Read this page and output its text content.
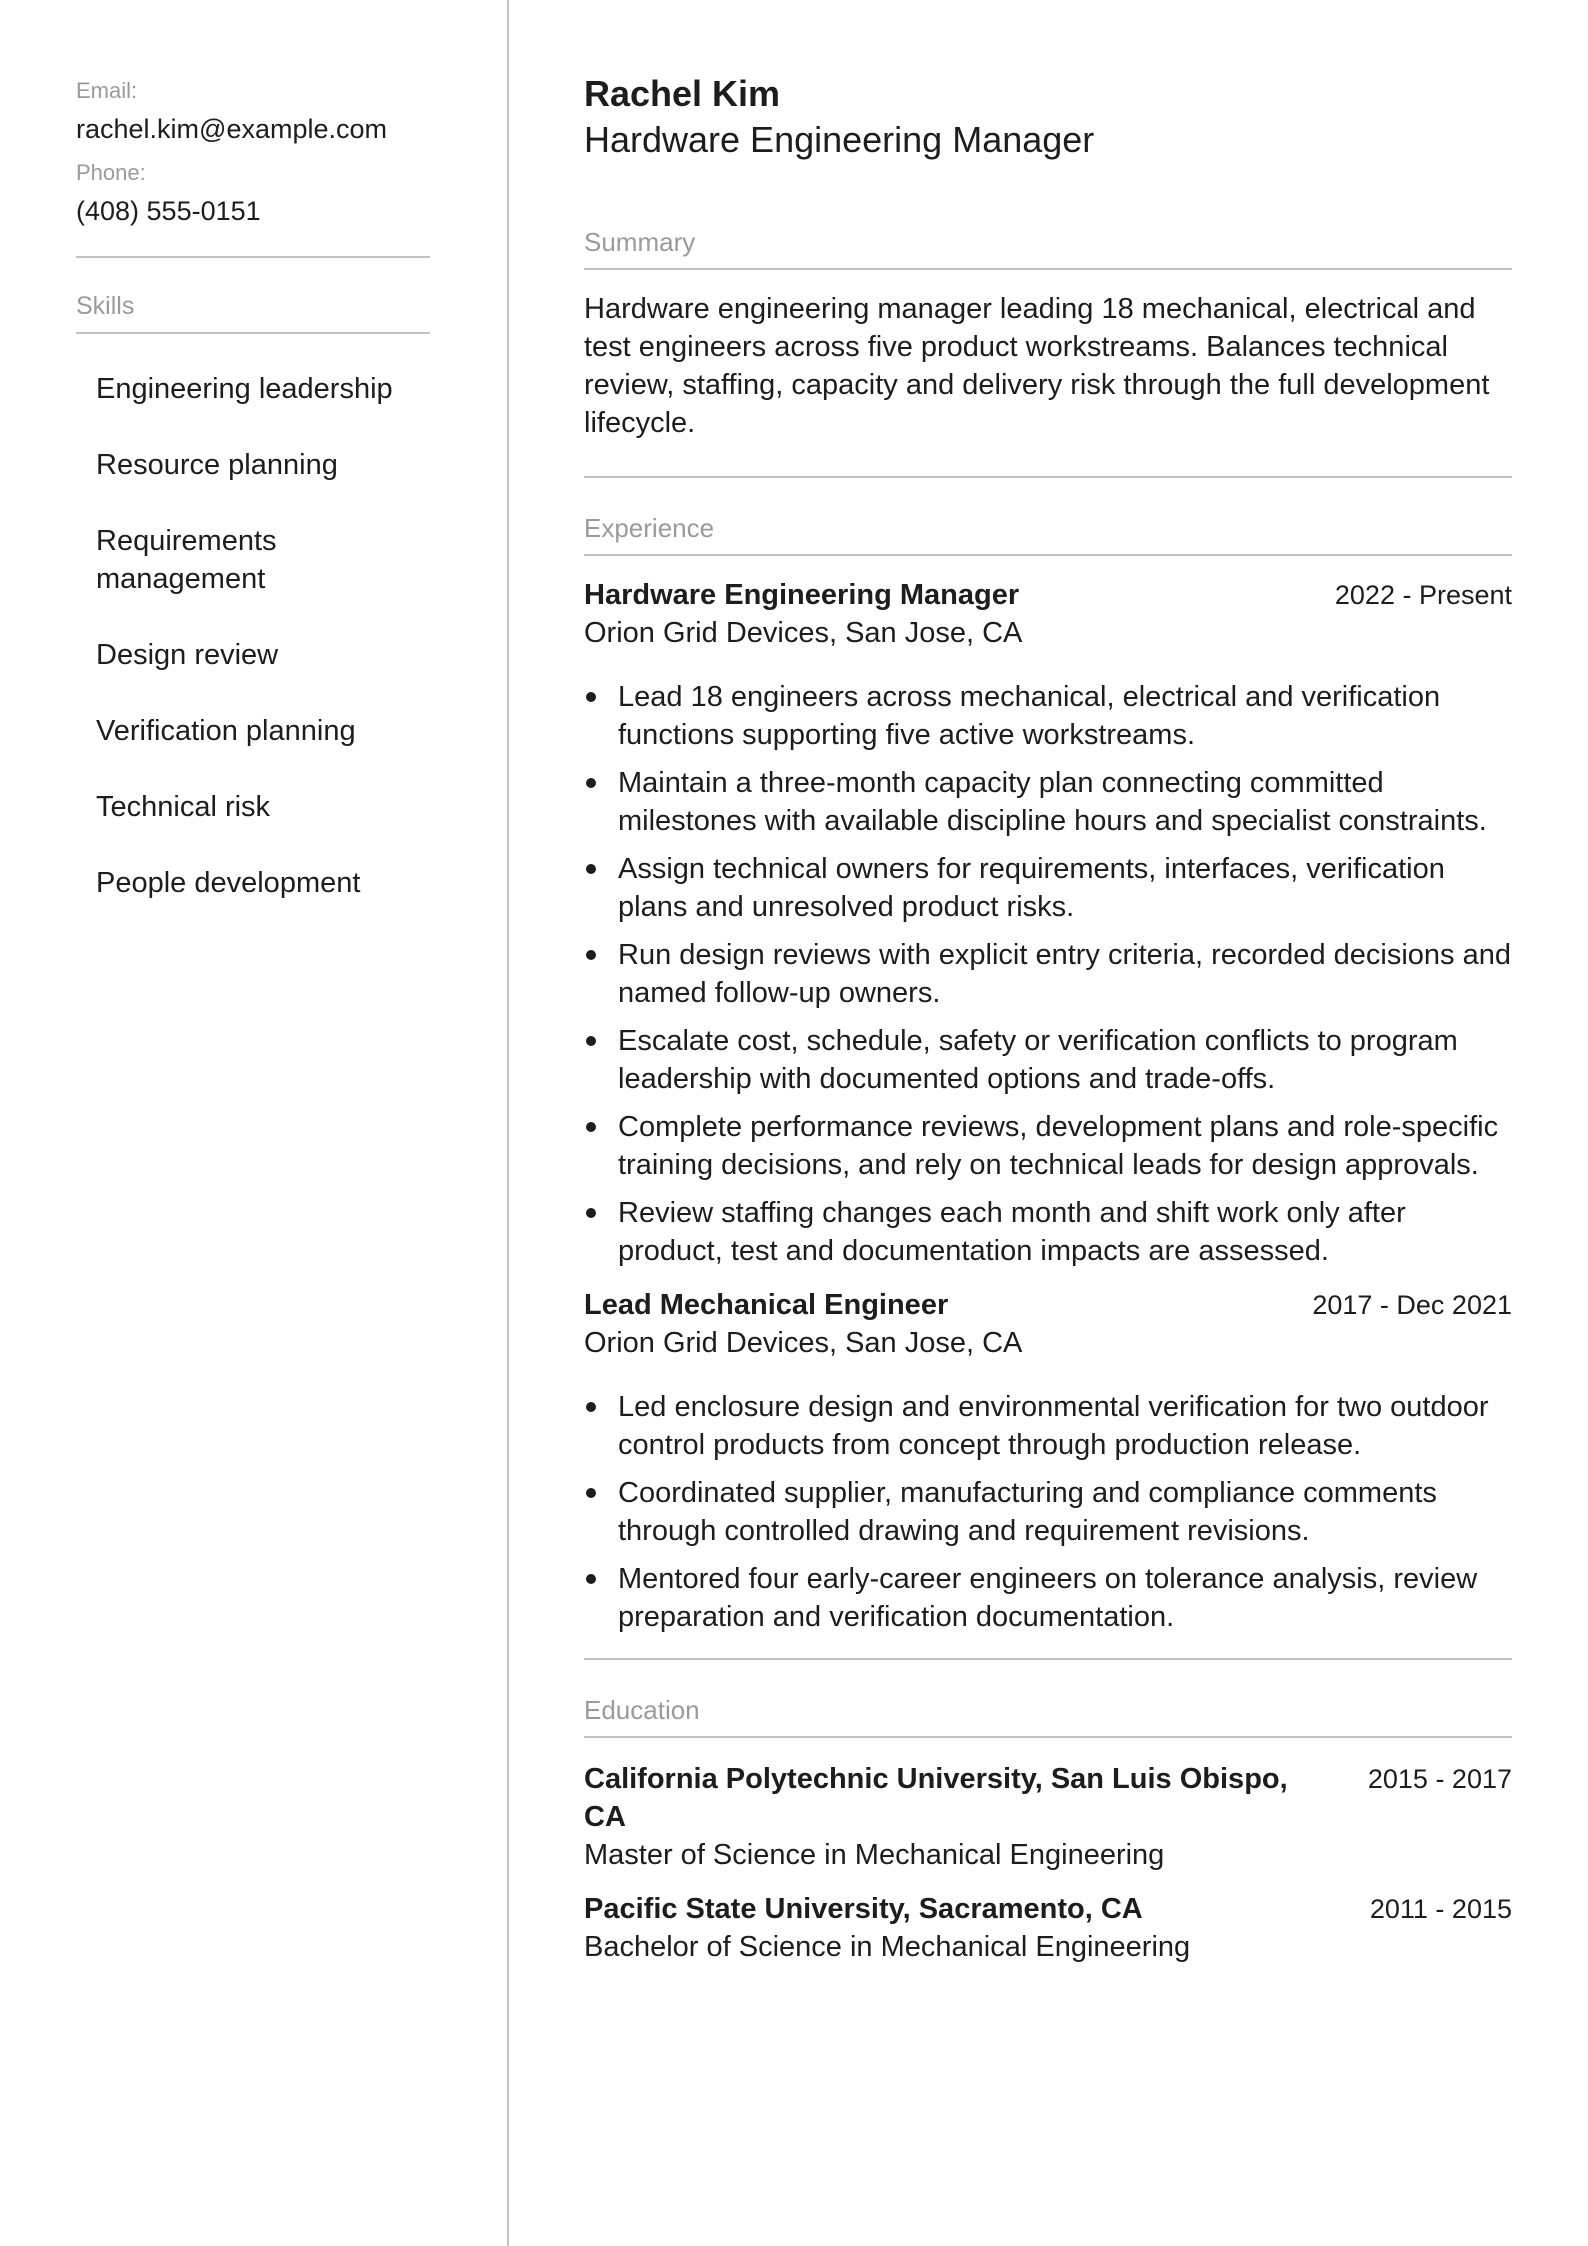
Email:

rachel.kim@example.com

Phone:

(408) 555-0151

Skills

Engineering leadership
Resource planning
Requirements management
Design review
Verification planning
Technical risk
People development
Rachel Kim

Hardware Engineering Manager

Summary

Hardware engineering manager leading 18 mechanical, electrical and test engineers across five product workstreams. Balances technical review, staffing, capacity and delivery risk through the full development lifecycle.

Experience

Hardware Engineering Manager	2022 - Present
Orion Grid Devices, San Jose, CA
Lead 18 engineers across mechanical, electrical and verification functions supporting five active workstreams.
Maintain a three-month capacity plan connecting committed milestones with available discipline hours and specialist constraints.
Assign technical owners for requirements, interfaces, verification plans and unresolved product risks.
Run design reviews with explicit entry criteria, recorded decisions and named follow-up owners.
Escalate cost, schedule, safety or verification conflicts to program leadership with documented options and trade-offs.
Complete performance reviews, development plans and role-specific training decisions, and rely on technical leads for design approvals.
Review staffing changes each month and shift work only after product, test and documentation impacts are assessed.
Lead Mechanical Engineer	2017 - Dec 2021
Orion Grid Devices, San Jose, CA
Led enclosure design and environmental verification for two outdoor control products from concept through production release.
Coordinated supplier, manufacturing and compliance comments through controlled drawing and requirement revisions.
Mentored four early-career engineers on tolerance analysis, review preparation and verification documentation.

Education

California Polytechnic University, San Luis Obispo, CA
2015 - 2017
Master of Science in Mechanical Engineering
Pacific State University, Sacramento, CA	2011 - 2015
Bachelor of Science in Mechanical Engineering
